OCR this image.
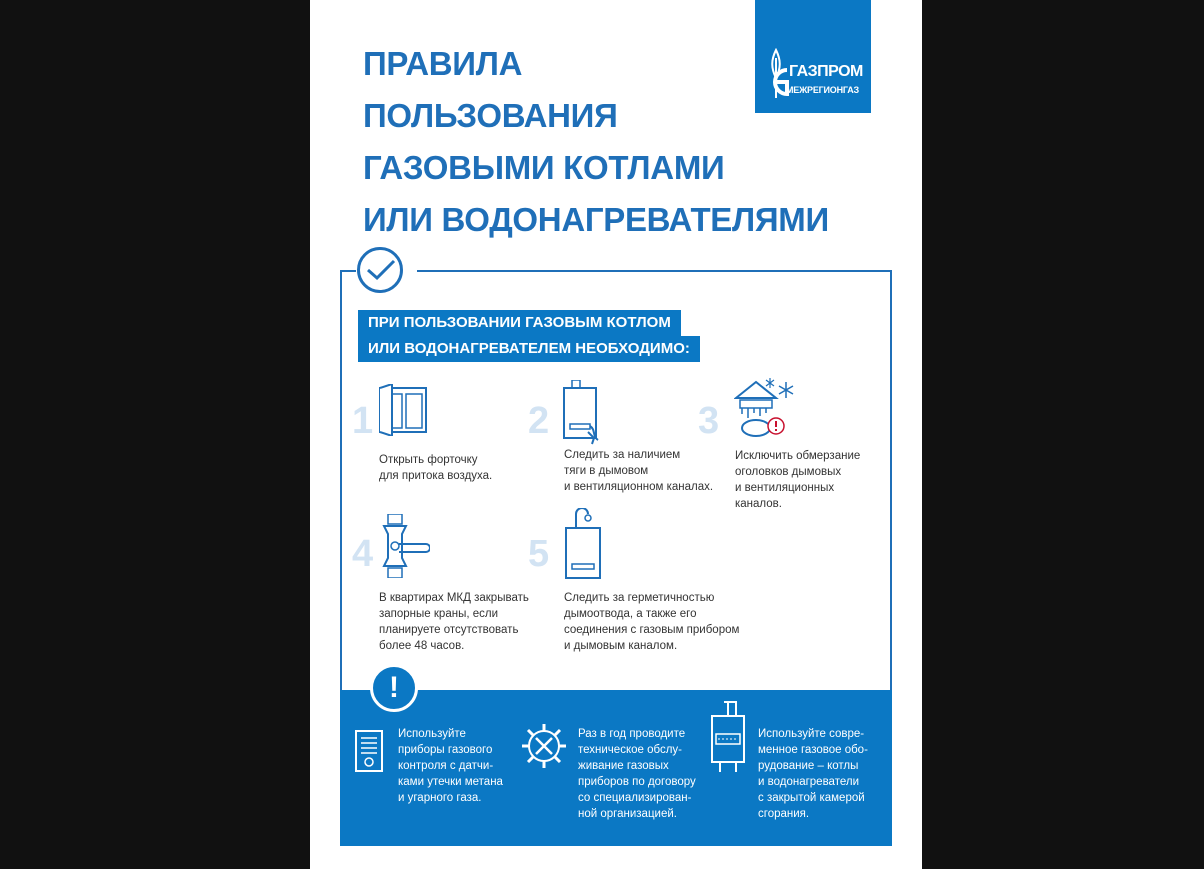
ПРАВИЛА
ПОЛЬЗОВАНИЯ
ГАЗОВЫМИ КОТЛАМИ
ИЛИ ВОДОНАГРЕВАТЕЛЯМИ
ГАЗПРОМ
МЕЖРЕГИОНГАЗ
ПРИ ПОЛЬЗОВАНИИ ГАЗОВЫМ КОТЛОМ
ИЛИ ВОДОНАГРЕВАТЕЛЕМ НЕОБХОДИМО:
1
Открыть форточку
для притока воздуха.
2
Следить за наличием
тяги в дымовом
и вентиляционном каналах.
3
Исключить обмерзание
оголовков дымовых
и вентиляционных
каналов.
4
В квартирах МКД закрывать
запорные краны, если
планируете отсутствовать
более 48 часов.
5
Следить за герметичностью
дымоотвода, а также его
соединения с газовым прибором
и дымовым каналом.
!
Используйте
приборы газового
контроля с датчи-
ками утечки метана
и угарного газа.
Раз в год проводите
техническое обслу-
живание газовых
приборов по договору
со специализирован-
ной организацией.
Используйте совре-
менное газовое обо-
рудование – котлы
и водонагреватели
с закрытой камерой
сгорания.
